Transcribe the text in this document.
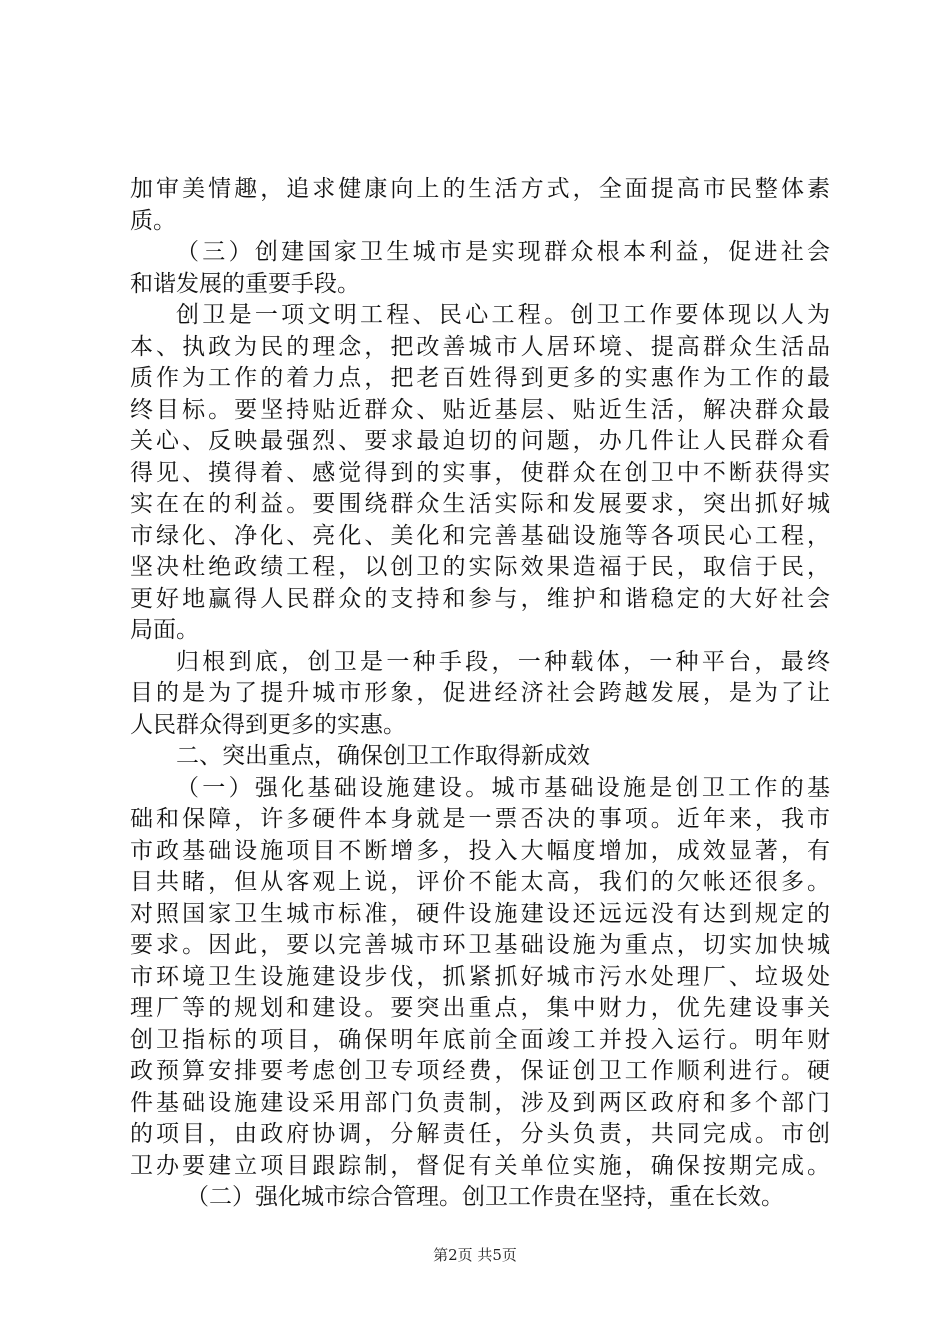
加审美情趣，追求健康向上的生活方式，全面提高市民整体素
质。
（三）创建国家卫生城市是实现群众根本利益，促进社会
和谐发展的重要手段。
创卫是一项文明工程、民心工程。创卫工作要体现以人为
本、执政为民的理念，把改善城市人居环境、提高群众生活品
质作为工作的着力点，把老百姓得到更多的实惠作为工作的最
终目标。要坚持贴近群众、贴近基层、贴近生活，解决群众最
关心、反映最强烈、要求最迫切的问题，办几件让人民群众看
得见、摸得着、感觉得到的实事，使群众在创卫中不断获得实
实在在的利益。要围绕群众生活实际和发展要求，突出抓好城
市绿化、净化、亮化、美化和完善基础设施等各项民心工程，
坚决杜绝政绩工程，以创卫的实际效果造福于民，取信于民，
更好地赢得人民群众的支持和参与，维护和谐稳定的大好社会
局面。
归根到底，创卫是一种手段，一种载体，一种平台，最终
目的是为了提升城市形象，促进经济社会跨越发展，是为了让
人民群众得到更多的实惠。
二、突出重点，确保创卫工作取得新成效
（一）强化基础设施建设。城市基础设施是创卫工作的基
础和保障，许多硬件本身就是一票否决的事项。近年来，我市
市政基础设施项目不断增多，投入大幅度增加，成效显著，有
目共睹，但从客观上说，评价不能太高，我们的欠帐还很多。
对照国家卫生城市标准，硬件设施建设还远远没有达到规定的
要求。因此，要以完善城市环卫基础设施为重点，切实加快城
市环境卫生设施建设步伐，抓紧抓好城市污水处理厂、垃圾处
理厂等的规划和建设。要突出重点，集中财力，优先建设事关
创卫指标的项目，确保明年底前全面竣工并投入运行。明年财
政预算安排要考虑创卫专项经费，保证创卫工作顺利进行。硬
件基础设施建设采用部门负责制，涉及到两区政府和多个部门
的项目，由政府协调，分解责任，分头负责，共同完成。市创
卫办要建立项目跟踪制，督促有关单位实施，确保按期完成。
（二）强化城市综合管理。创卫工作贵在坚持，重在长效。
第2页 共5页
